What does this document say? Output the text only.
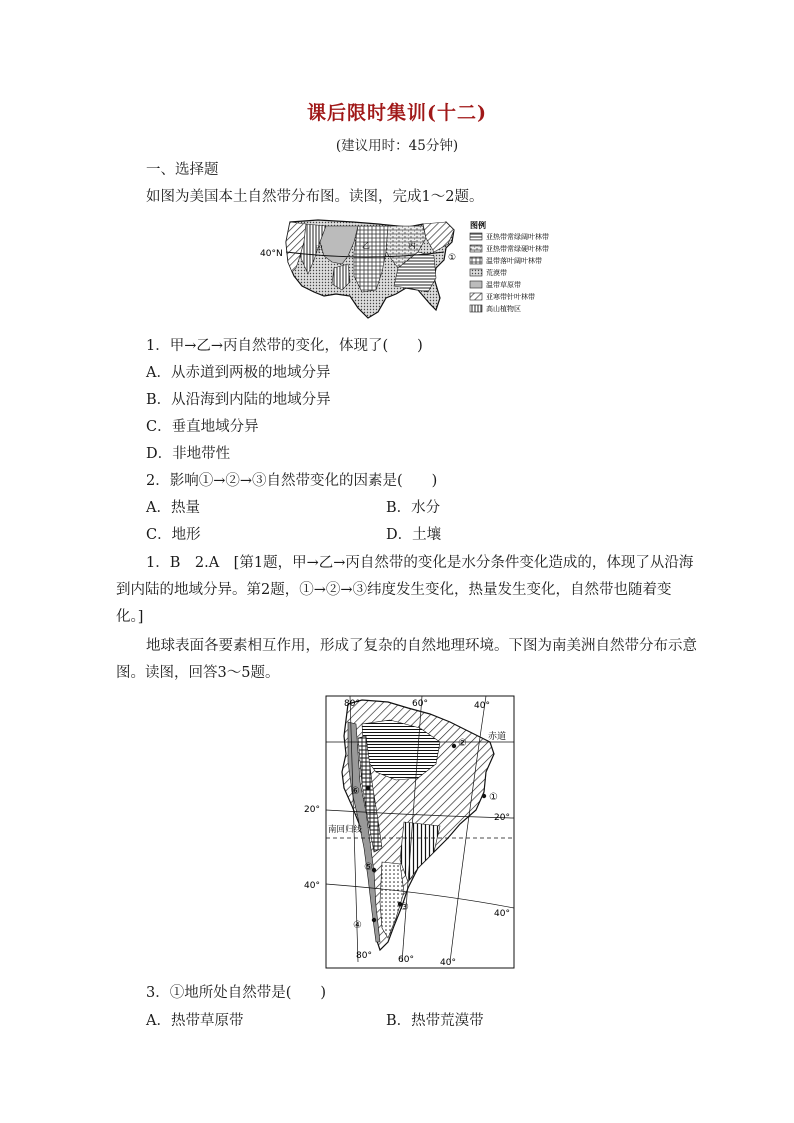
课后限时集训(十二)
(建议用时：45分钟)
一、选择题
如图为美国本土自然带分布图。读图，完成1～2题。
40°N	甲	乙	丙
①
图例
亚热带常绿阔叶林带
亚热带常绿硬叶林带
温带落叶阔叶林带
荒漠带
温带草原带
亚寒带针叶林带
高山植物区
1．甲→乙→丙自然带的变化，体现了(　　)
A．从赤道到两极的地域分异
B．从沿海到内陆的地域分异
C．垂直地域分异
D．非地带性
2．影响①→②→③自然带变化的因素是(　　)
A．热量	B．水分
C．地形	D．土壤
1．B　2.A　[第1题，甲→乙→丙自然带的变化是水分条件变化造成的，体现了从沿海
到内陆的地域分异。第2题，①→②→③纬度发生变化，热量发生变化，自然带也随着变
化。]
地球表面各要素相互作用，形成了复杂的自然地理环境。下图为南美洲自然带分布示意
图。读图，回答3～5题。
赤道
南回归线
80°	60°	40°
80°	60°	40°
20°
40°
20°
40°
①
②
③
④
⑤
⑥
3．①地所处自然带是(　　)
A．热带草原带	B．热带荒漠带
